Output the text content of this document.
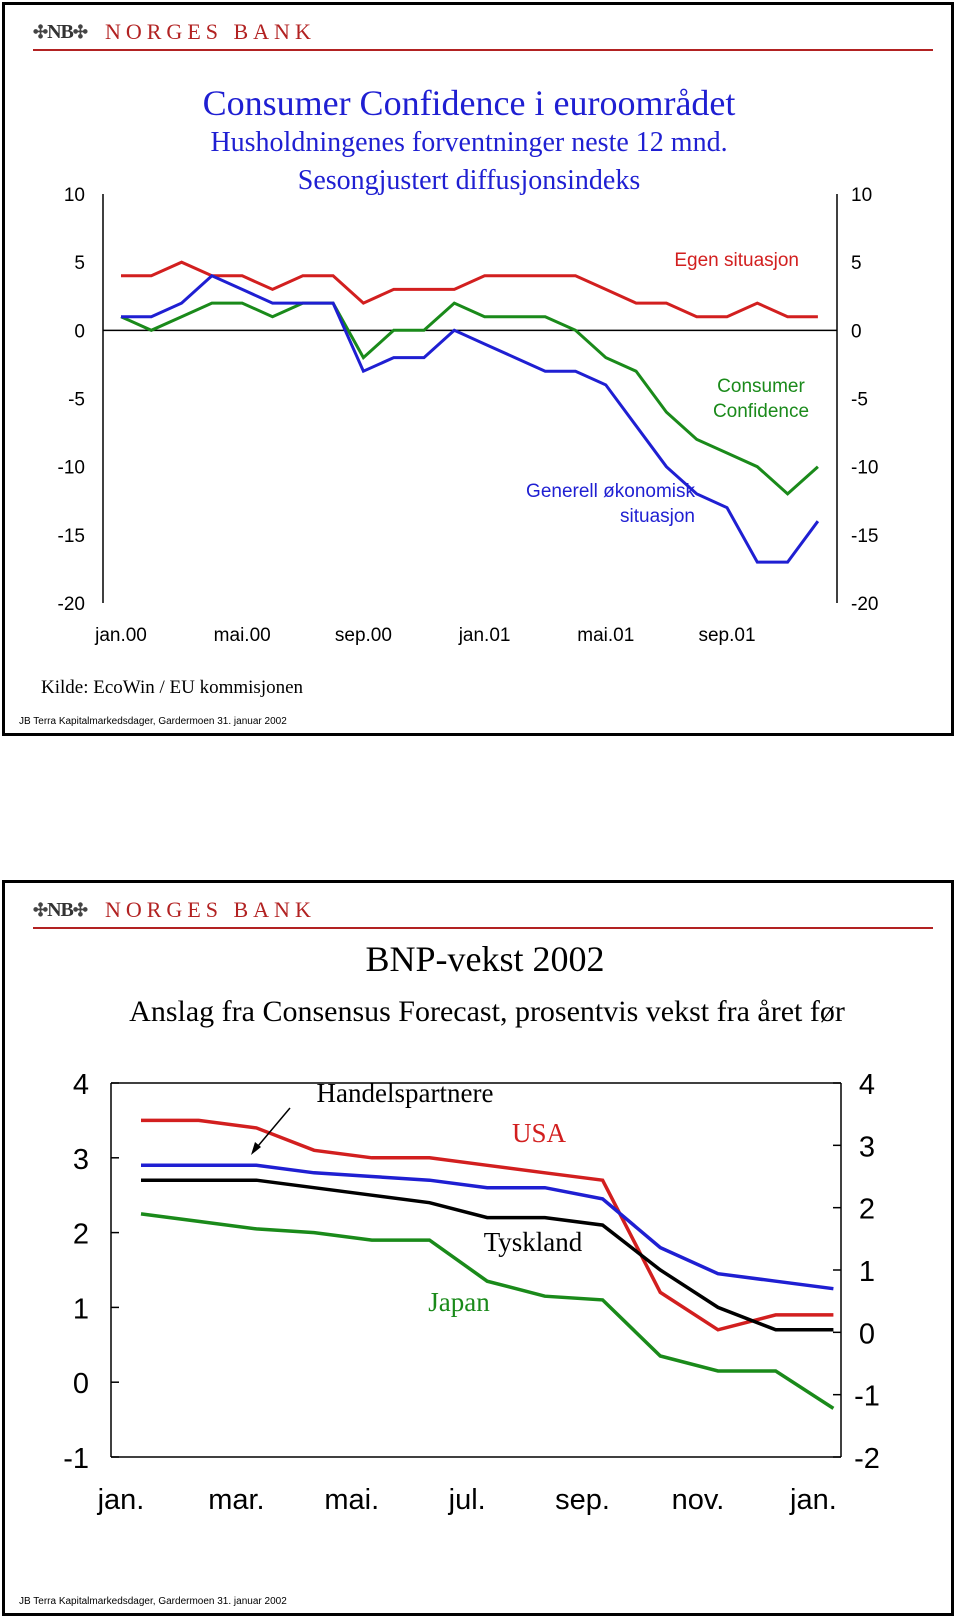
✣NB✣ NORGES BANK
Consumer Confidence i euroområdet
Husholdningenes forventninger neste 12 mnd.
Sesongjustert diffusjonsindeks
10	10
5	5
0	0
-5	-5
-10	-10
-15	-15
-20	-20
jan.00	mai.00	sep.00	jan.01	mai.01	sep.01
Egen situasjon
Consumer
Confidence
Generell økonomisk
situasjon
Kilde: EcoWin / EU kommisjonen
JB Terra Kapitalmarkedsdager, Gardermoen 31. januar 2002
✣NB✣ NORGES BANK
BNP-vekst 2002
Anslag fra Consensus Forecast, prosentvis vekst fra året før
4
3
2
1
0
-1
4
3
2
1
0
-1
-2
jan. mar. mai. jul. sep. nov. jan.
Handelspartnere
USA
Tyskland
Japan
JB Terra Kapitalmarkedsdager, Gardermoen 31. januar 2002
